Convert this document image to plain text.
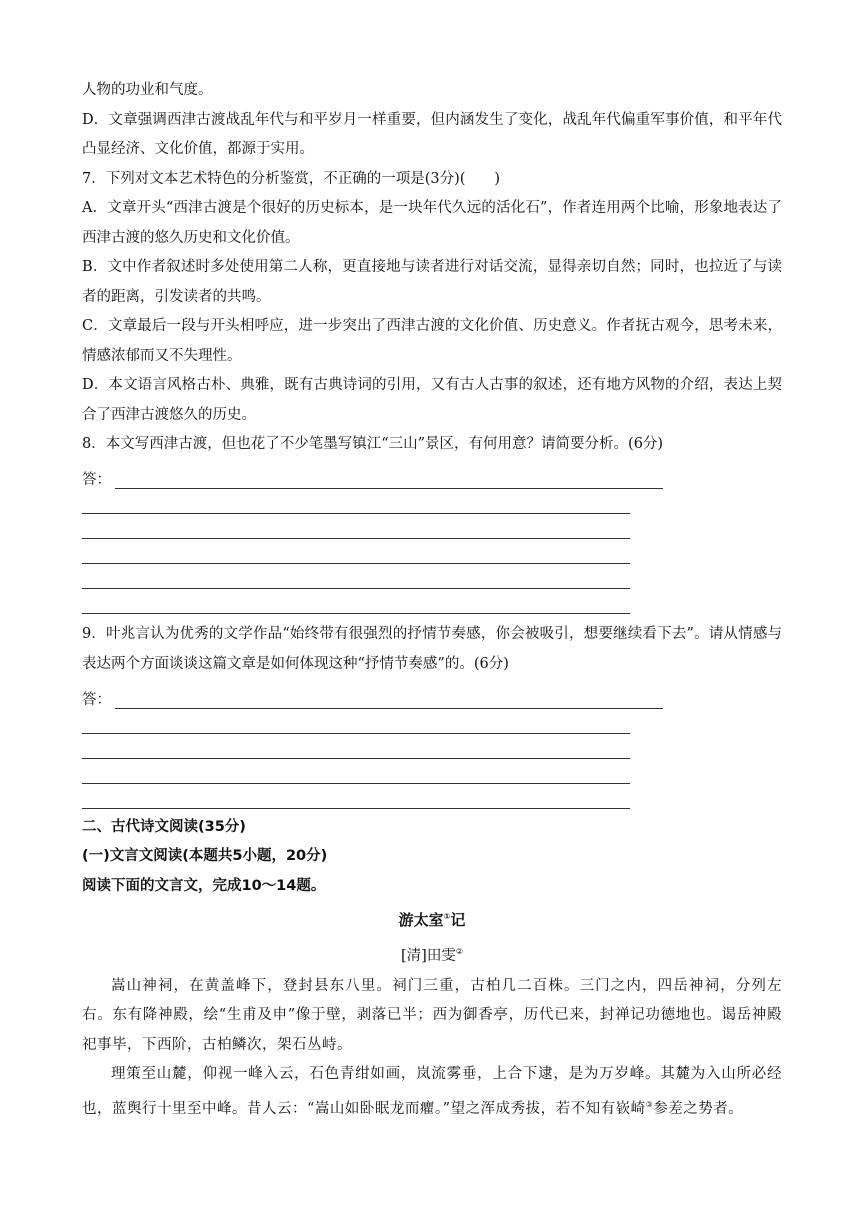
人物的功业和气度。
D．文章强调西津古渡战乱年代与和平岁月一样重要，但内涵发生了变化，战乱年代偏重军事价值，和平年代凸显经济、文化价值，都源于实用。
7．下列对文本艺术特色的分析鉴赏，不正确的一项是(3分)(　　)
A．文章开头“西津古渡是个很好的历史标本，是一块年代久远的活化石”，作者连用两个比喻，形象地表达了西津古渡的悠久历史和文化价值。
B．文中作者叙述时多处使用第二人称，更直接地与读者进行对话交流，显得亲切自然；同时，也拉近了与读者的距离，引发读者的共鸣。
C．文章最后一段与开头相呼应，进一步突出了西津古渡的文化价值、历史意义。作者抚古观今，思考未来，情感浓郁而又不失理性。
D．本文语言风格古朴、典雅，既有古典诗词的引用，又有古人古事的叙述，还有地方风物的介绍，表达上契合了西津古渡悠久的历史。
8．本文写西津古渡，但也花了不少笔墨写镇江“三山”景区，有何用意？请简要分析。(6分)
答：
9．叶兆言认为优秀的文学作品“始终带有很强烈的抒情节奏感，你会被吸引，想要继续看下去”。请从情感与表达两个方面谈谈这篇文章是如何体现这种“抒情节奏感”的。(6分)
答：
二、古代诗文阅读(35分)
(一)文言文阅读(本题共5小题，20分)
阅读下面的文言文，完成10～14题。
游太室①记
[清]田雯②
嵩山神祠，在黄盖峰下，登封县东八里。祠门三重，古柏几二百株。三门之内，四岳神祠，分列左右。东有降神殿，绘“生甫及申”像于壁，剥落已半；西为御香亭，历代已来，封禅记功德地也。谒岳神殿祀事毕，下西阶，古柏鳞次，架石丛峙。
理策至山麓，仰视一峰入云，石色青绀如画，岚流雾垂，上合下逮，是为万岁峰。其麓为入山所必经也，蓝舆行十里至中峰。昔人云：“嵩山如卧眠龙而癯。”望之浑成秀拔，若不知有嵚崎③参差之势者。
